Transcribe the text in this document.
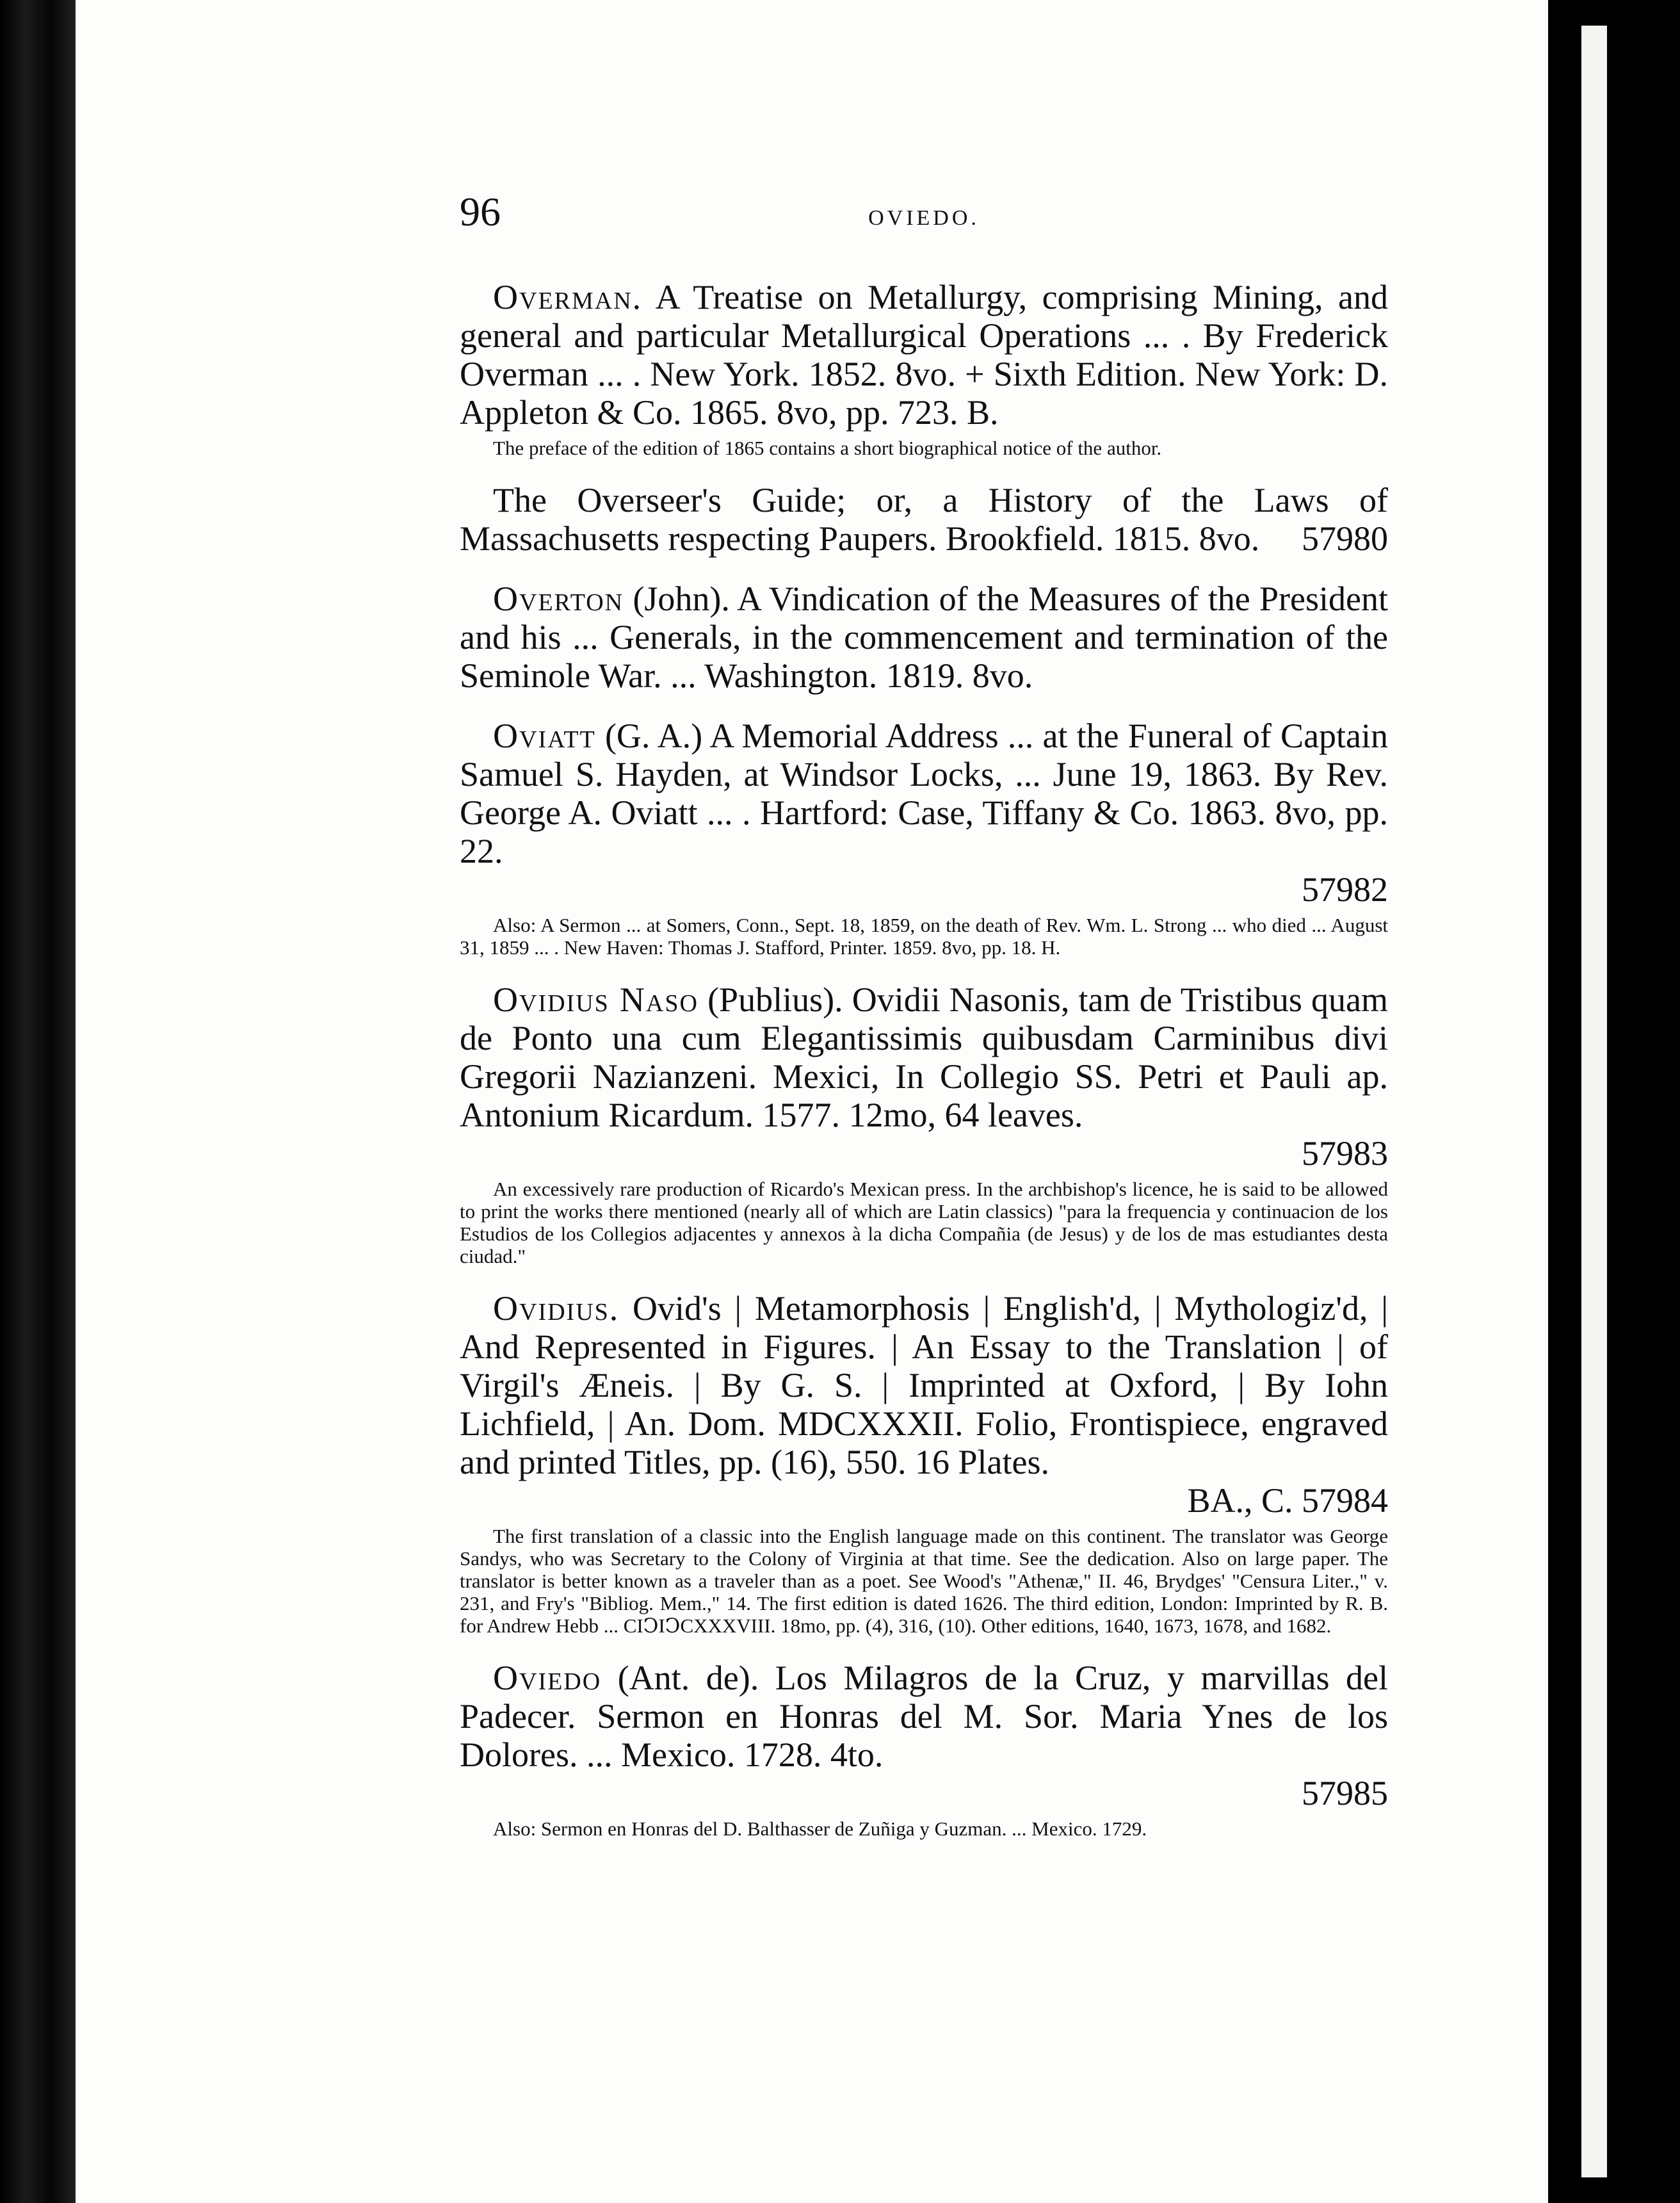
96	OVIEDO.
Overman. A Treatise on Metallurgy, comprising Mining, and general and particular Metallurgical Operations ... . By Frederick Overman ... . New York. 1852. 8vo. + Sixth Edition. New York: D. Appleton & Co. 1865. 8vo, pp. 723. B.
The preface of the edition of 1865 contains a short biographical notice of the author.
The Overseer's Guide; or, a History of the Laws of Massachusetts respecting Paupers. Brookfield. 1815. 8vo.	57980
Overton (John). A Vindication of the Measures of the President and his ... Generals, in the commencement and termination of the Seminole War. ... Washington. 1819. 8vo.
Oviatt (G. A.) A Memorial Address ... at the Funeral of Captain Samuel S. Hayden, at Windsor Locks, ... June 19, 1863. By Rev. George A. Oviatt ... . Hartford: Case, Tiffany & Co. 1863. 8vo, pp. 22.
57982
Also: A Sermon ... at Somers, Conn., Sept. 18, 1859, on the death of Rev. Wm. L. Strong ... who died ... August 31, 1859 ... . New Haven: Thomas J. Stafford, Printer. 1859. 8vo, pp. 18. H.
Ovidius Naso (Publius). Ovidii Nasonis, tam de Tristibus quam de Ponto una cum Elegantissimis quibusdam Carminibus divi Gregorii Nazianzeni. Mexici, In Collegio SS. Petri et Pauli ap. Antonium Ricardum. 1577. 12mo, 64 leaves.
57983
An excessively rare production of Ricardo's Mexican press. In the archbishop's licence, he is said to be allowed to print the works there mentioned (nearly all of which are Latin classics) "para la frequencia y continuacion de los Estudios de los Collegios adjacentes y annexos à la dicha Compañia (de Jesus) y de los de mas estudiantes desta ciudad."
Ovidius. Ovid's | Metamorphosis | English'd, | Mythologiz'd, | And Represented in Figures. | An Essay to the Translation | of Virgil's Æneis. | By G. S. | Imprinted at Oxford, | By Iohn Lichfield, | An. Dom. MDCXXXII. Folio, Frontispiece, engraved and printed Titles, pp. (16), 550. 16 Plates.
BA., C. 57984
The first translation of a classic into the English language made on this continent. The translator was George Sandys, who was Secretary to the Colony of Virginia at that time. See the dedication. Also on large paper. The translator is better known as a traveler than as a poet. See Wood's "Athenæ," II. 46, Brydges' "Censura Liter.," v. 231, and Fry's "Bibliog. Mem.," 14. The first edition is dated 1626. The third edition, London: Imprinted by R. B. for Andrew Hebb ... CIↃIↃCXXXVIII. 18mo, pp. (4), 316, (10). Other editions, 1640, 1673, 1678, and 1682.
Oviedo (Ant. de). Los Milagros de la Cruz, y marvillas del Padecer. Sermon en Honras del M. Sor. Maria Ynes de los Dolores. ... Mexico. 1728. 4to.
57985
Also: Sermon en Honras del D. Balthasser de Zuñiga y Guzman. ... Mexico. 1729.
